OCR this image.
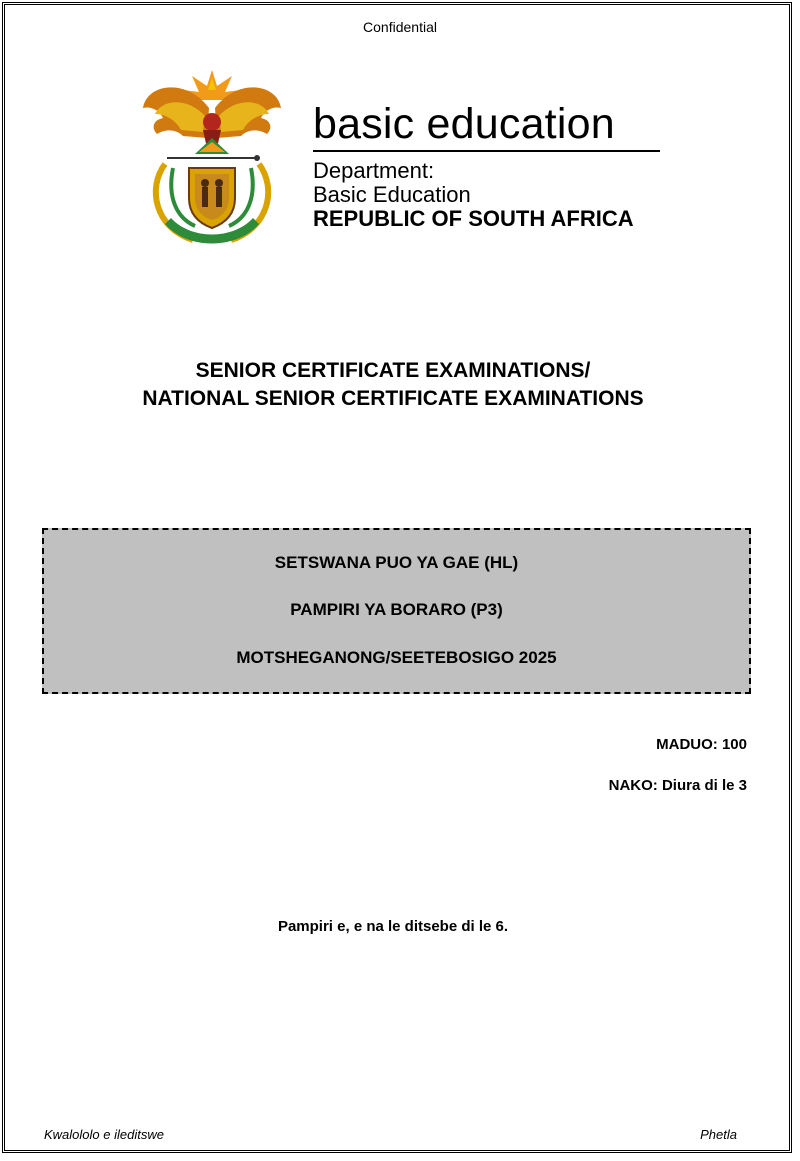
Confidential
basic education
Department:
Basic Education
REPUBLIC OF SOUTH AFRICA
SENIOR CERTIFICATE EXAMINATIONS/
NATIONAL SENIOR CERTIFICATE EXAMINATIONS
SETSWANA PUO YA GAE (HL)
PAMPIRI YA BORARO (P3)
MOTSHEGANONG/SEETEBOSIGO 2025
MADUO: 100
NAKO: Diura di le 3
Pampiri e, e na le ditsebe di le 6.
Kwalololo e ileditswe	Phetla
